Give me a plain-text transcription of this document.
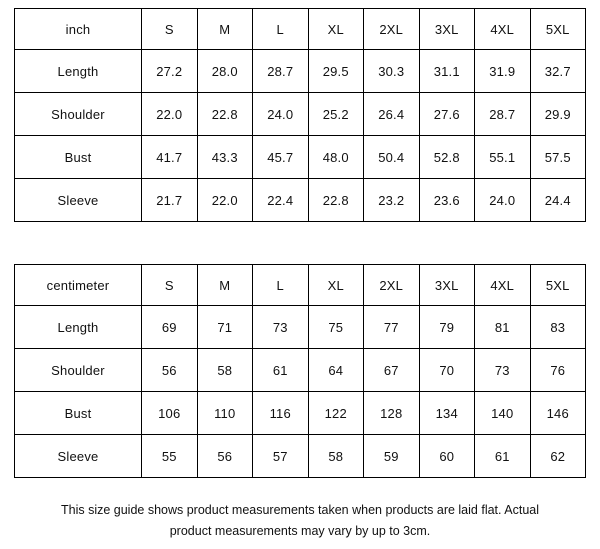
inch	S	M	L	XL	2XL	3XL	4XL	5XL
Length	27.2	28.0	28.7	29.5	30.3	31.1	31.9	32.7
Shoulder	22.0	22.8	24.0	25.2	26.4	27.6	28.7	29.9
Bust	41.7	43.3	45.7	48.0	50.4	52.8	55.1	57.5
Sleeve	21.7	22.0	22.4	22.8	23.2	23.6	24.0	24.4
centimeter	S	M	L	XL	2XL	3XL	4XL	5XL
Length	69	71	73	75	77	79	81	83
Shoulder	56	58	61	64	67	70	73	76
Bust	106	110	116	122	128	134	140	146
Sleeve	55	56	57	58	59	60	61	62
This size guide shows product measurements taken when products are laid flat. Actual
product measurements may vary by up to 3cm.
